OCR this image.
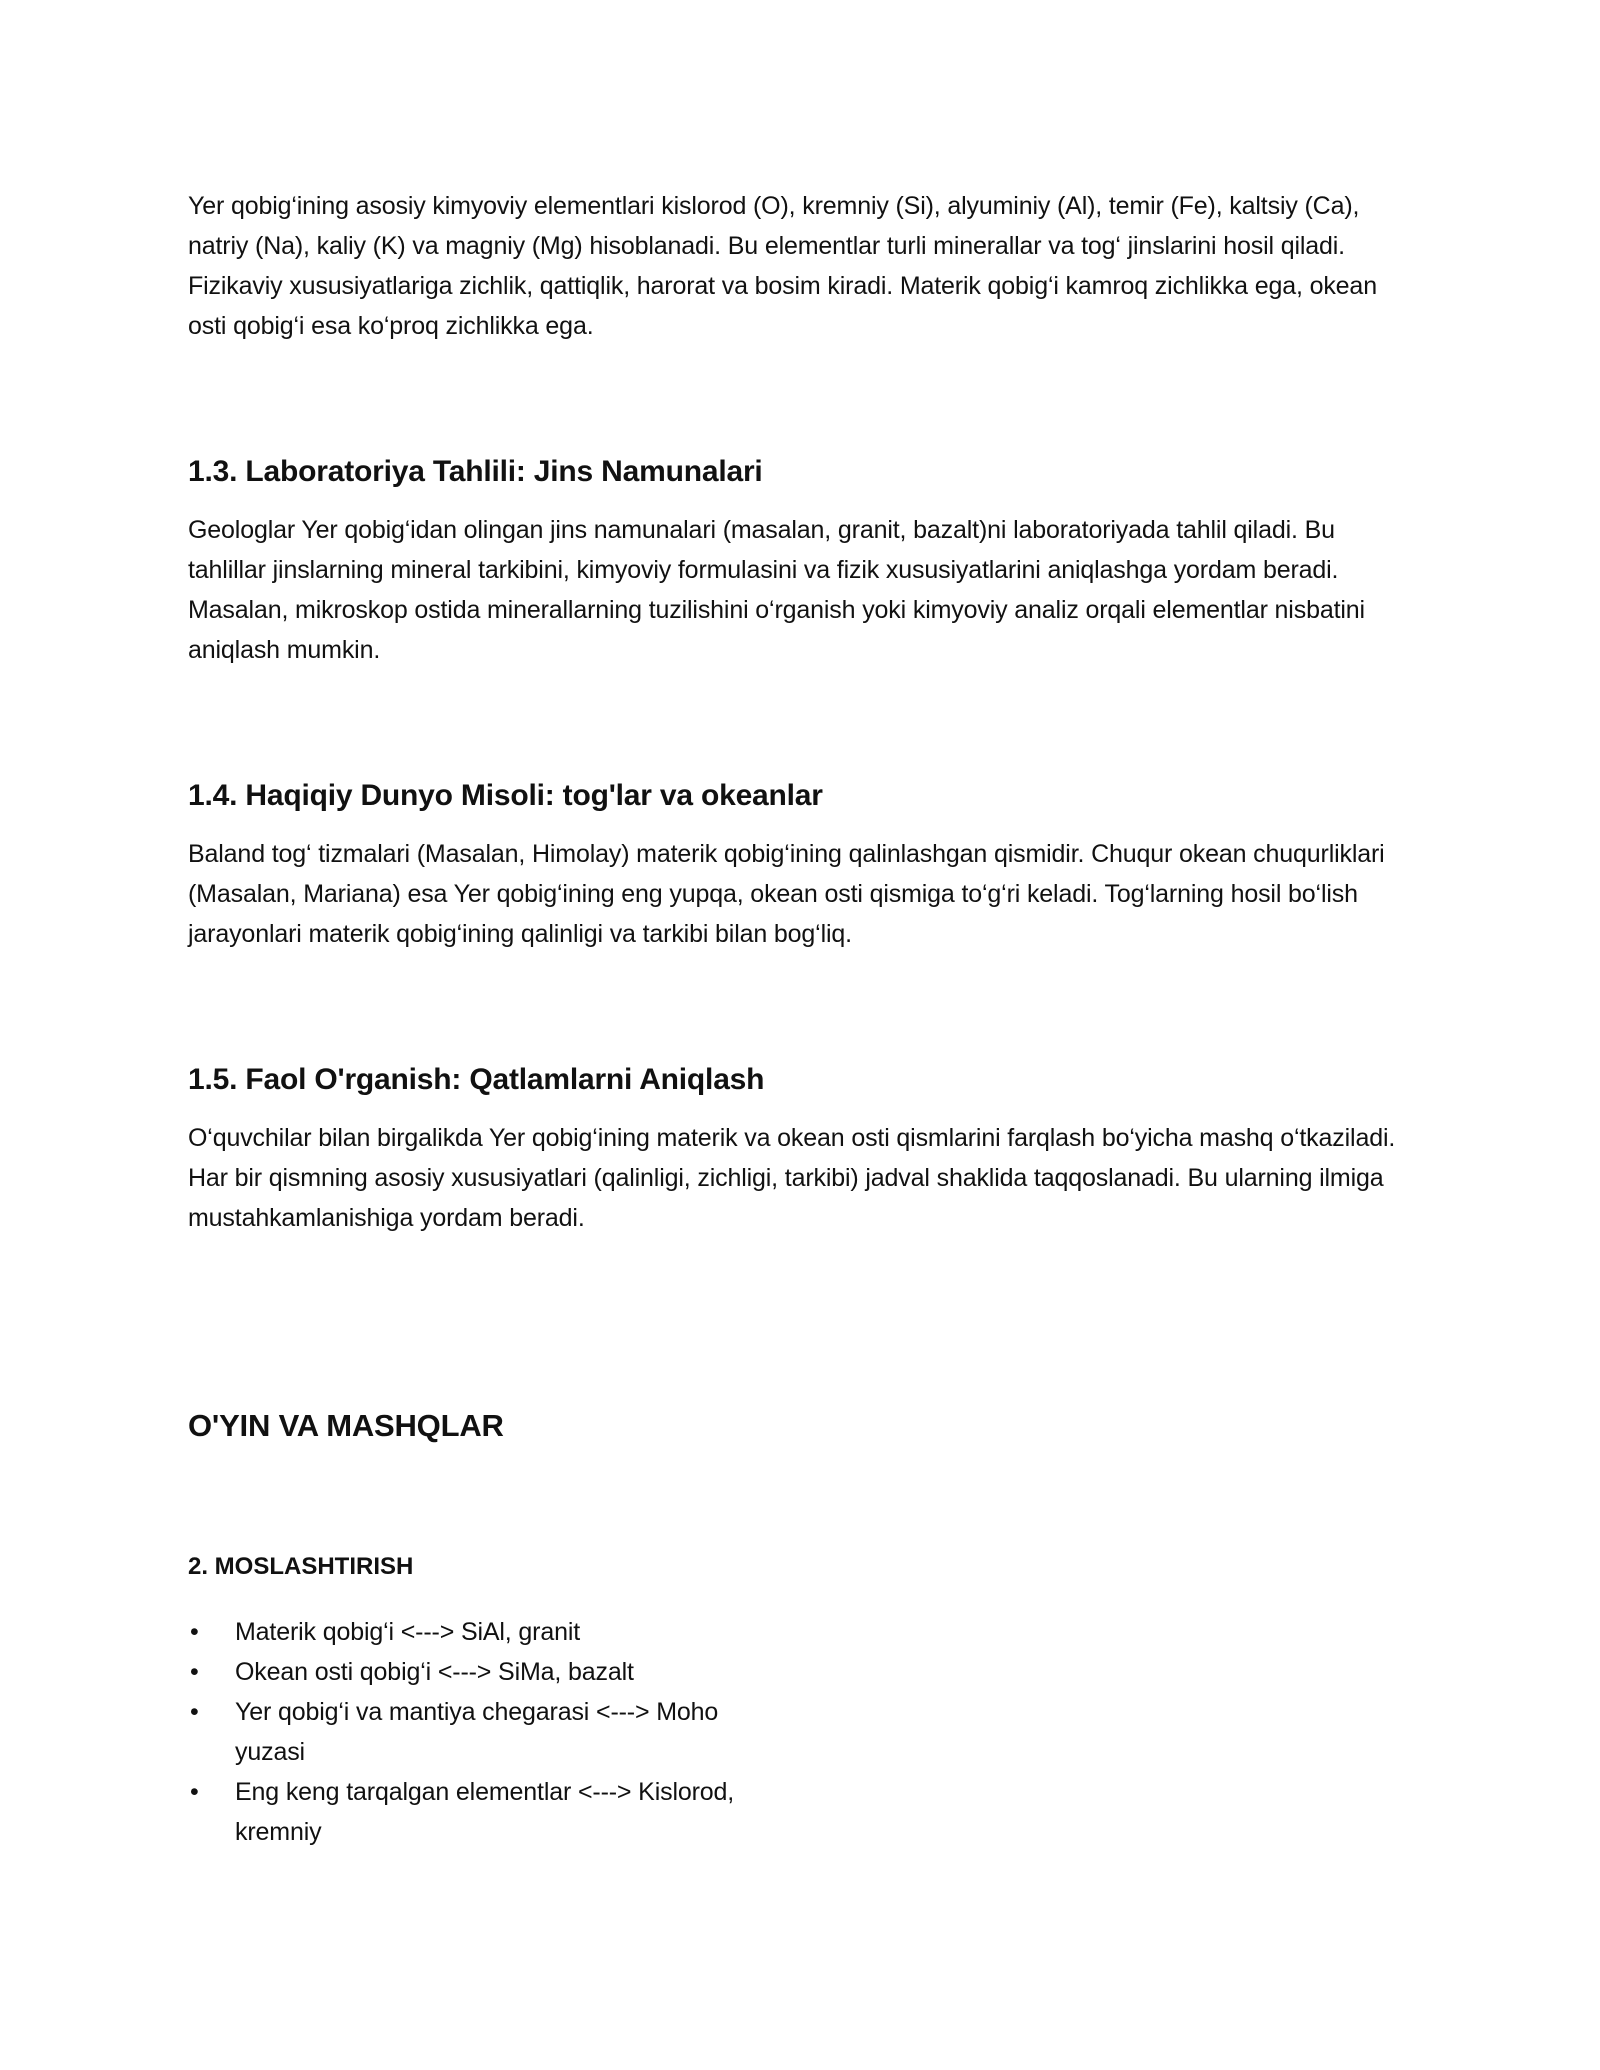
Yer qobig‘ining asosiy kimyoviy elementlari kislorod (O), kremniy (Si), alyuminiy (Al), temir (Fe), kaltsiy (Ca), natriy (Na), kaliy (K) va magniy (Mg) hisoblanadi. Bu elementlar turli minerallar va tog‘ jinslarini hosil qiladi. Fizikaviy xususiyatlariga zichlik, qattiqlik, harorat va bosim kiradi. Materik qobig‘i kamroq zichlikka ega, okean osti qobig‘i esa ko‘proq zichlikka ega.

1.3. Laboratoriya Tahlili: Jins Namunalari

Geologlar Yer qobig‘idan olingan jins namunalari (masalan, granit, bazalt)ni laboratoriyada tahlil qiladi. Bu tahlillar jinslarning mineral tarkibini, kimyoviy formulasini va fizik xususiyatlarini aniqlashga yordam beradi. Masalan, mikroskop ostida minerallarning tuzilishini o‘rganish yoki kimyoviy analiz orqali elementlar nisbatini aniqlash mumkin.

1.4. Haqiqiy Dunyo Misoli: tog'lar va okeanlar

Baland tog‘ tizmalari (Masalan, Himolay) materik qobig‘ining qalinlashgan qismidir. Chuqur okean chuqurliklari (Masalan, Mariana) esa Yer qobig‘ining eng yupqa, okean osti qismiga to‘g‘ri keladi. Tog‘larning hosil bo‘lish jarayonlari materik qobig‘ining qalinligi va tarkibi bilan bog‘liq.

1.5. Faol O'rganish: Qatlamlarni Aniqlash

O‘quvchilar bilan birgalikda Yer qobig‘ining materik va okean osti qismlarini farqlash bo‘yicha mashq o‘tkaziladi. Har bir qismning asosiy xususiyatlari (qalinligi, zichligi, tarkibi) jadval shaklida taqqoslanadi. Bu ularning ilmiga mustahkamlanishiga yordam beradi.

O'YIN VA MASHQLAR
2. MOSLASHTIRISH
• Materik qobig‘i <---> SiAl, granit
• Okean osti qobig‘i <---> SiMa, bazalt
• Yer qobig‘i va mantiya chegarasi <---> Moho yuzasi
• Eng keng tarqalgan elementlar <---> Kislorod, kremniy
